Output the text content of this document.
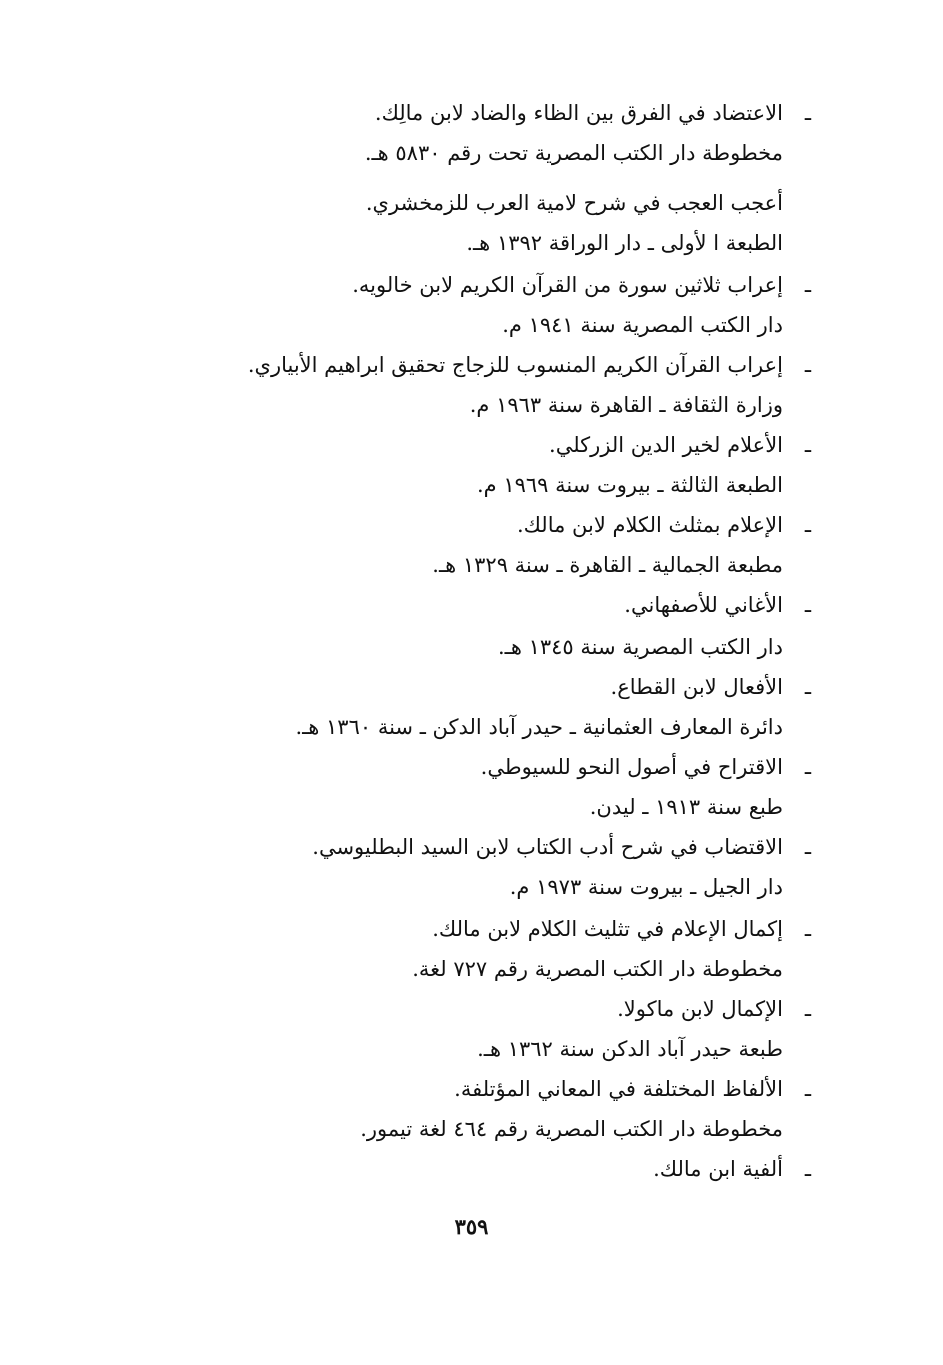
ـ
الاعتضاد في الفرق بين الظاء والضاد لابن مالِك.
مخطوطة دار الكتب المصرية تحت رقم ٥٨٣٠ هـ.
أعجب العجب في شرح لامية العرب للزمخشري.
الطبعة ا لأولى ـ دار الوراقة ١٣٩٢ هـ.
ـ
إعراب ثلاثين سورة من القرآن الكريم لابن خالويه.
دار الكتب المصرية سنة ١٩٤١ م.
ـ
إعراب القرآن الكريم المنسوب للزجاج تحقيق ابراهيم الأبياري.
وزارة الثقافة ـ القاهرة سنة ١٩٦٣ م.
ـ
الأعلام لخير الدين الزركلي.
الطبعة الثالثة ـ بيروت سنة ١٩٦٩ م.
ـ
الإعلام بمثلث الكلام لابن مالك.
مطبعة الجمالية ـ القاهرة ـ سنة ١٣٢٩ هـ.
ـ
الأغاني للأصفهاني.
دار الكتب المصرية سنة ١٣٤٥ هـ.
ـ
الأفعال لابن القطاع.
دائرة المعارف العثمانية ـ حيدر آباد الدكن ـ سنة ١٣٦٠ هـ.
ـ
الاقتراح في أصول النحو للسيوطي.
طبع سنة ١٩١٣ ـ ليدن.
ـ
الاقتضاب في شرح أدب الكتاب لابن السيد البطليوسي.
دار الجيل ـ بيروت سنة ١٩٧٣ م.
ـ
إكمال الإعلام في تثليث الكلام لابن مالك.
مخطوطة دار الكتب المصرية رقم ٧٢٧ لغة.
ـ
الإكمال لابن ماكولا.
طبعة حيدر آباد الدكن سنة ١٣٦٢ هـ.
ـ
الألفاظ المختلفة في المعاني المؤتلفة.
مخطوطة دار الكتب المصرية رقم ٤٦٤ لغة تيمور.
ـ
ألفية ابن مالك.
٣٥٩
